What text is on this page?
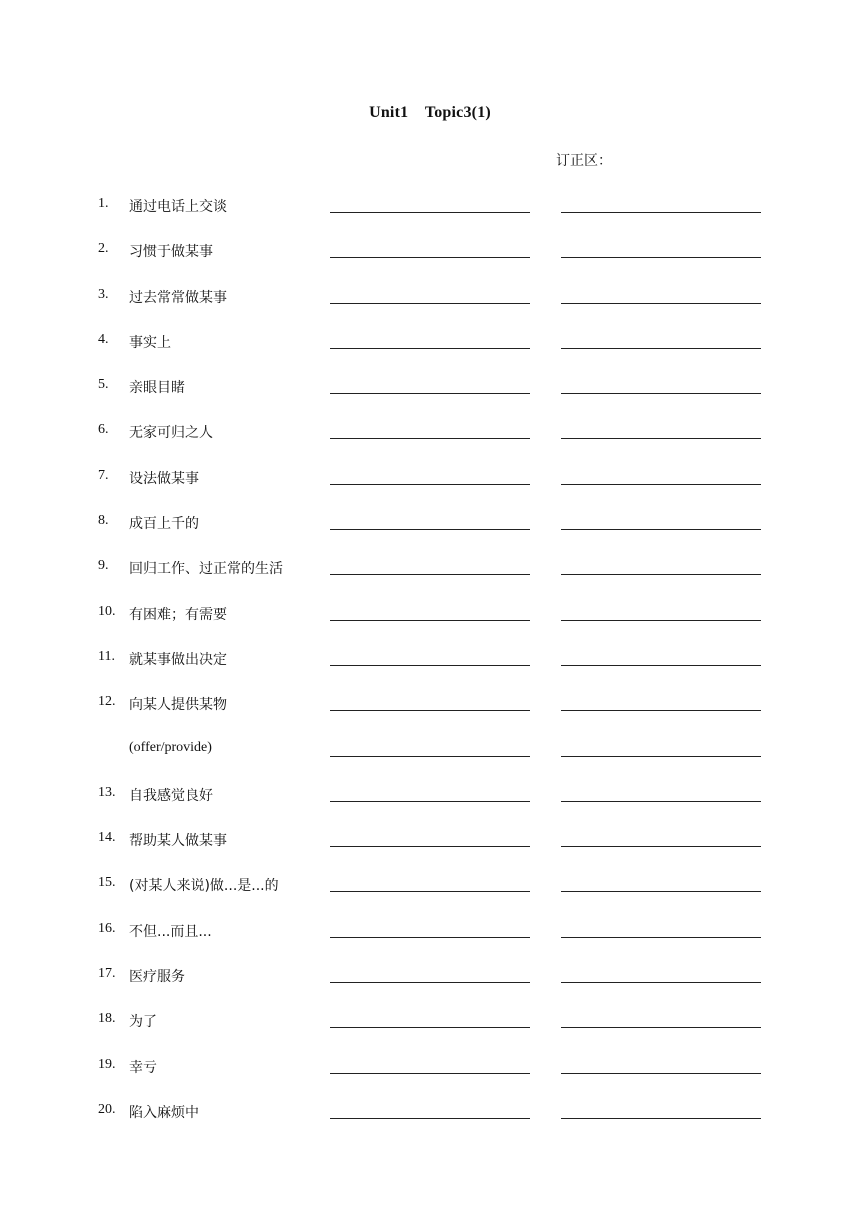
Unit1    Topic3(1)
订正区：
1. 通过电话上交谈
2. 习惯于做某事
3. 过去常常做某事
4. 事实上
5. 亲眼目睹
6. 无家可归之人
7. 设法做某事
8. 成百上千的
9. 回归工作、过正常的生活
10. 有困难；有需要
11. 就某事做出决定
12. 向某人提供某物
(offer/provide)
13. 自我感觉良好
14. 帮助某人做某事
15. (对某人来说)做...是...的
16. 不但...而且...
17. 医疗服务
18. 为了
19. 幸亏
20. 陷入麻烦中
